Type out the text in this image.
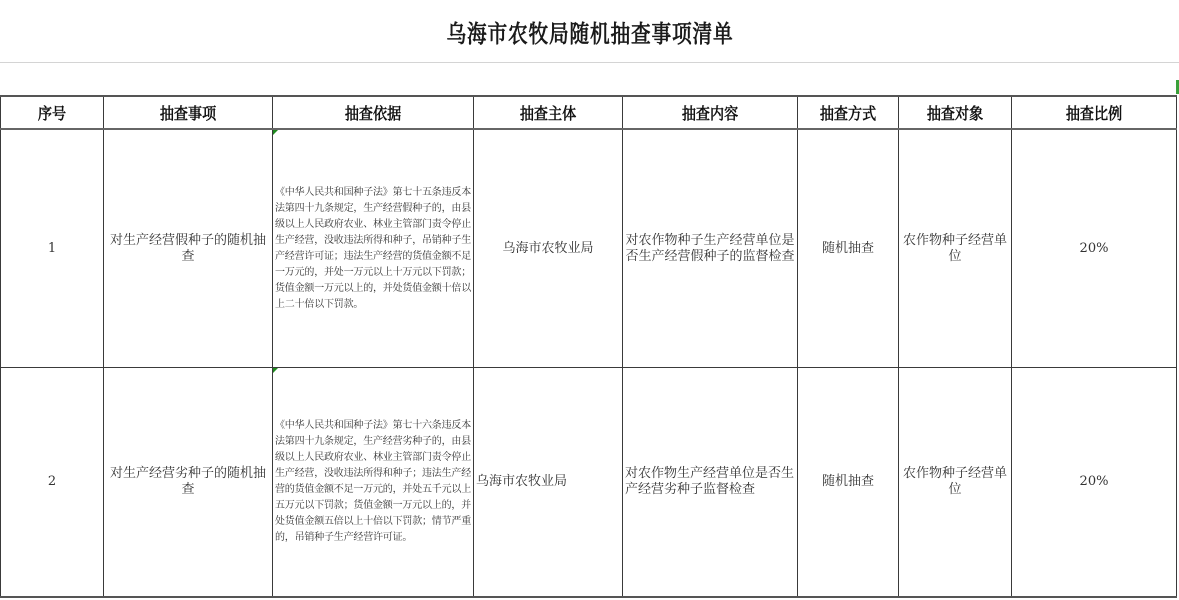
乌海市农牧局随机抽查事项清单
序号	抽查事项	抽查依据	抽查主体	抽查内容	抽查方式	抽查对象	抽查比例
1	对生产经营假种子的随机抽查	《中华人民共和国种子法》第七十五条违反本法第四十九条规定，生产经营假种子的，由县级以上人民政府农业、林业主管部门责令停止生产经营，没收违法所得和种子，吊销种子生产经营许可证；违法生产经营的货值金额不足一万元的，并处一万元以上十万元以下罚款；货值金额一万元以上的，并处货值金额十倍以上二十倍以下罚款。	乌海市农牧业局	对农作物种子生产经营单位是否生产经营假种子的监督检查	随机抽查	农作物种子经营单位	20%
2	对生产经营劣种子的随机抽查	《中华人民共和国种子法》第七十六条违反本法第四十九条规定，生产经营劣种子的，由县级以上人民政府农业、林业主管部门责令停止生产经营，没收违法所得和种子；违法生产经营的货值金额不足一万元的，并处五千元以上五万元以下罚款；货值金额一万元以上的，并处货值金额五倍以上十倍以下罚款；情节严重的，吊销种子生产经营许可证。	乌海市农牧业局	对农作物生产经营单位是否生产经营劣种子监督检查	随机抽查	农作物种子经营单位	20%
